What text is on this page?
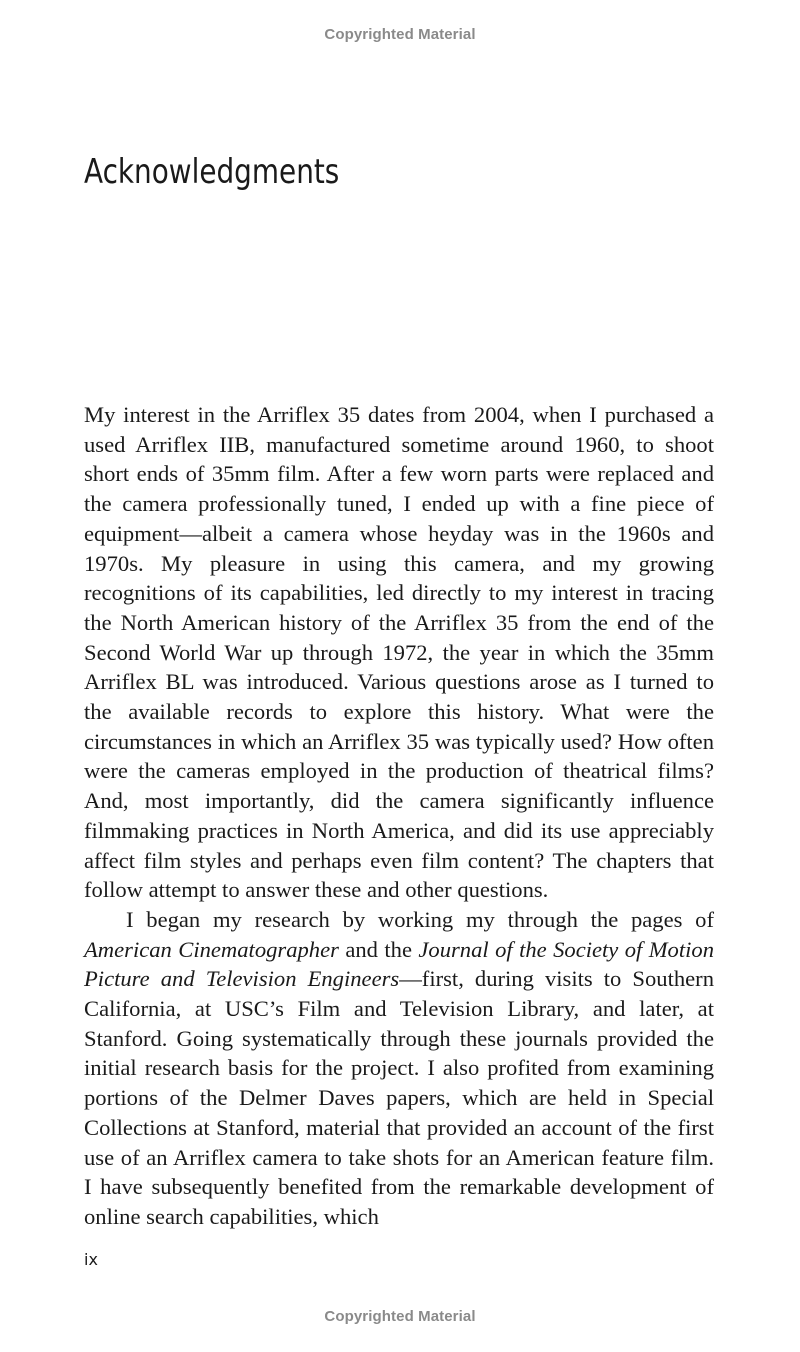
Copyrighted Material
Acknowledgments

My interest in the Arriflex 35 dates from 2004, when I purchased a used Arriflex IIB, manufactured sometime around 1960, to shoot short ends of 35mm film. After a few worn parts were replaced and the camera professionally tuned, I ended up with a fine piece of equipment—albeit a camera whose heyday was in the 1960s and 1970s. My pleasure in using this camera, and my growing recognitions of its capabilities, led directly to my interest in tracing the North American history of the Arriflex 35 from the end of the Second World War up through 1972, the year in which the 35mm Arriflex BL was introduced. Various questions arose as I turned to the available records to explore this history. What were the circumstances in which an Arriflex 35 was typically used? How often were the cameras employed in the production of theatrical films? And, most importantly, did the camera significantly influence filmmaking practices in North America, and did its use appreciably affect film styles and perhaps even film content? The chapters that follow attempt to answer these and other questions.

I began my research by working my through the pages of American Cinematographer and the Journal of the Society of Motion Picture and Television Engineers—first, during visits to Southern California, at USC’s Film and Television Library, and later, at Stanford. Going systematically through these journals provided the initial research basis for the project. I also profited from examining portions of the Delmer Daves papers, which are held in Special Collections at Stanford, material that provided an account of the first use of an Arriflex camera to take shots for an American feature film. I have subsequently benefited from the remarkable development of online search capabilities, which

ix
Copyrighted Material
